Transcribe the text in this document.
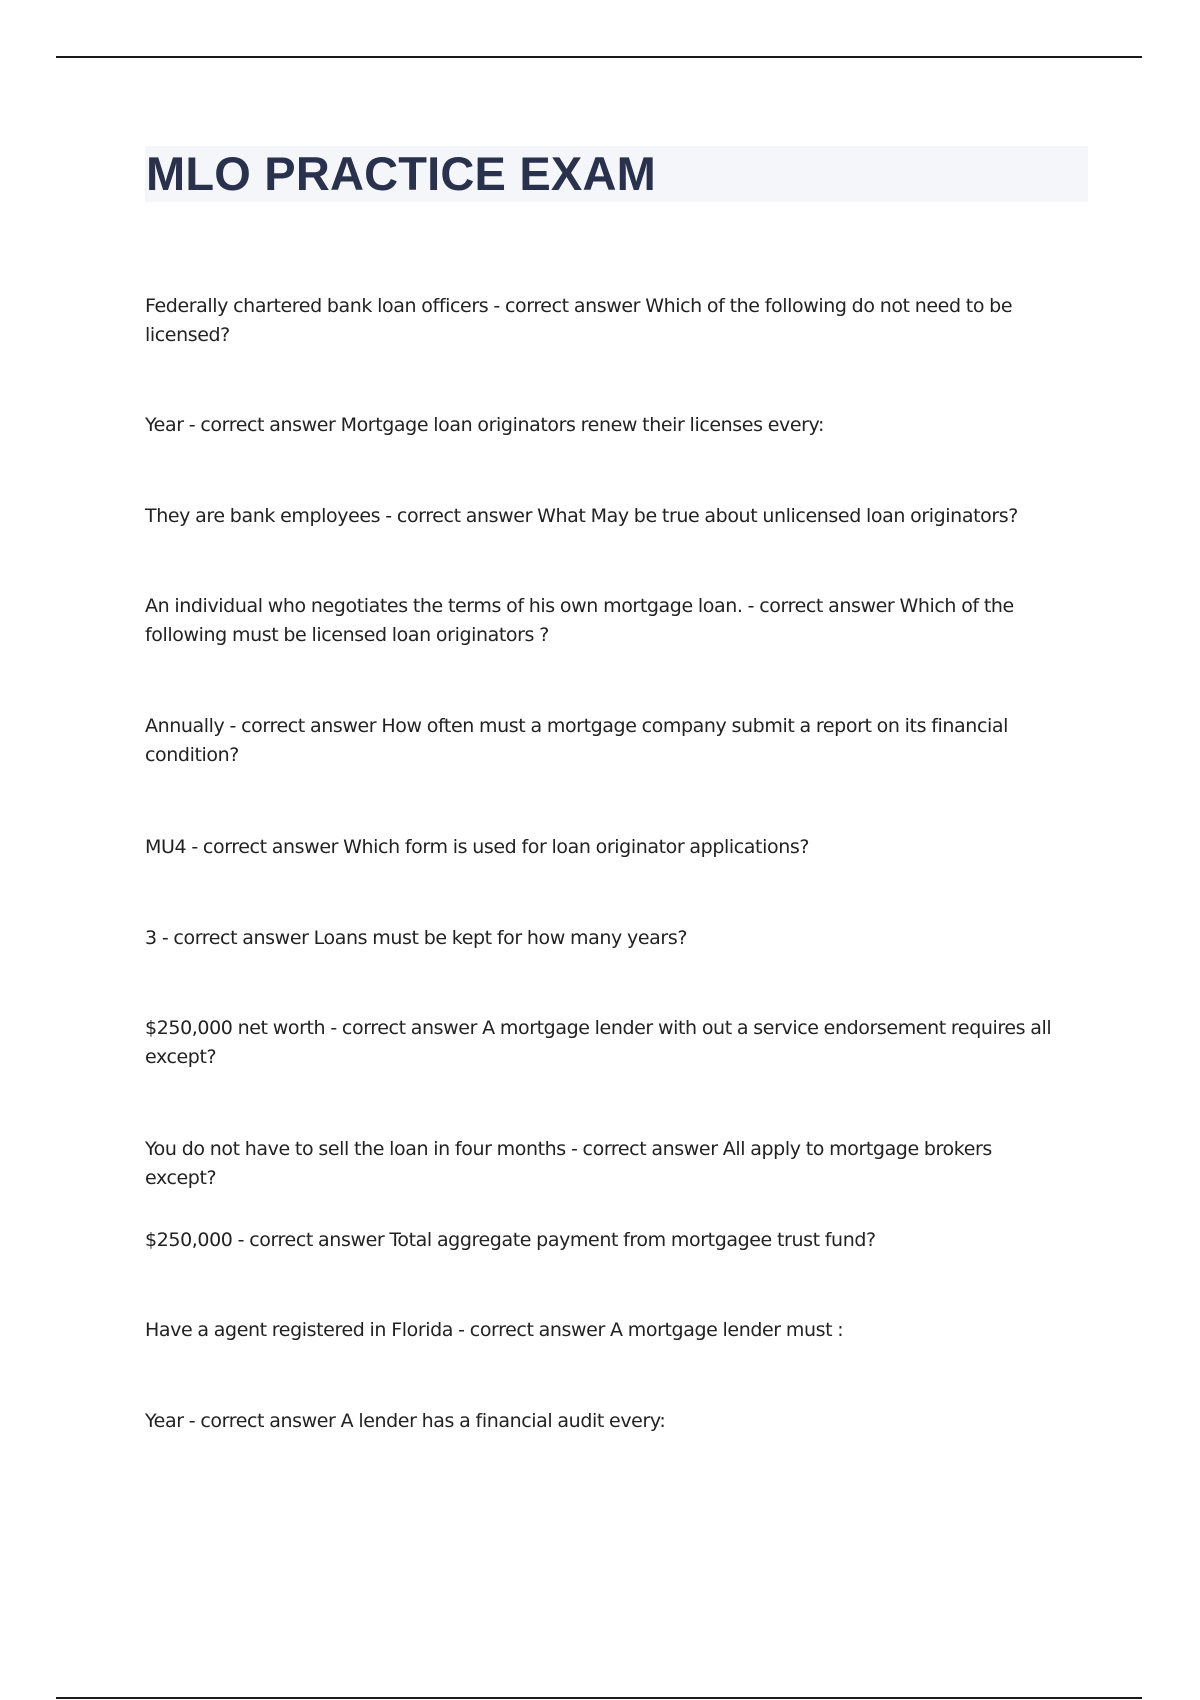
MLO PRACTICE EXAM
Federally chartered bank loan officers - correct answer Which of the following do not need to be licensed?
Year - correct answer Mortgage loan originators renew their licenses every:
They are bank employees - correct answer What May be true about unlicensed loan originators?
An individual who negotiates the terms of his own mortgage loan. - correct answer Which of the following must be licensed loan originators ?
Annually - correct answer How often must a mortgage company submit a report on its financial condition?
MU4 - correct answer Which form is used for loan originator applications?
3 - correct answer Loans must be kept for how many years?
$250,000 net worth - correct answer A mortgage lender with out a service endorsement requires all except?
You do not have to sell the loan in four months - correct answer All apply to mortgage brokers except?
$250,000 - correct answer Total aggregate payment from mortgagee trust fund?
Have a agent registered in Florida - correct answer A mortgage lender must :
Year - correct answer A lender has a financial audit every:
